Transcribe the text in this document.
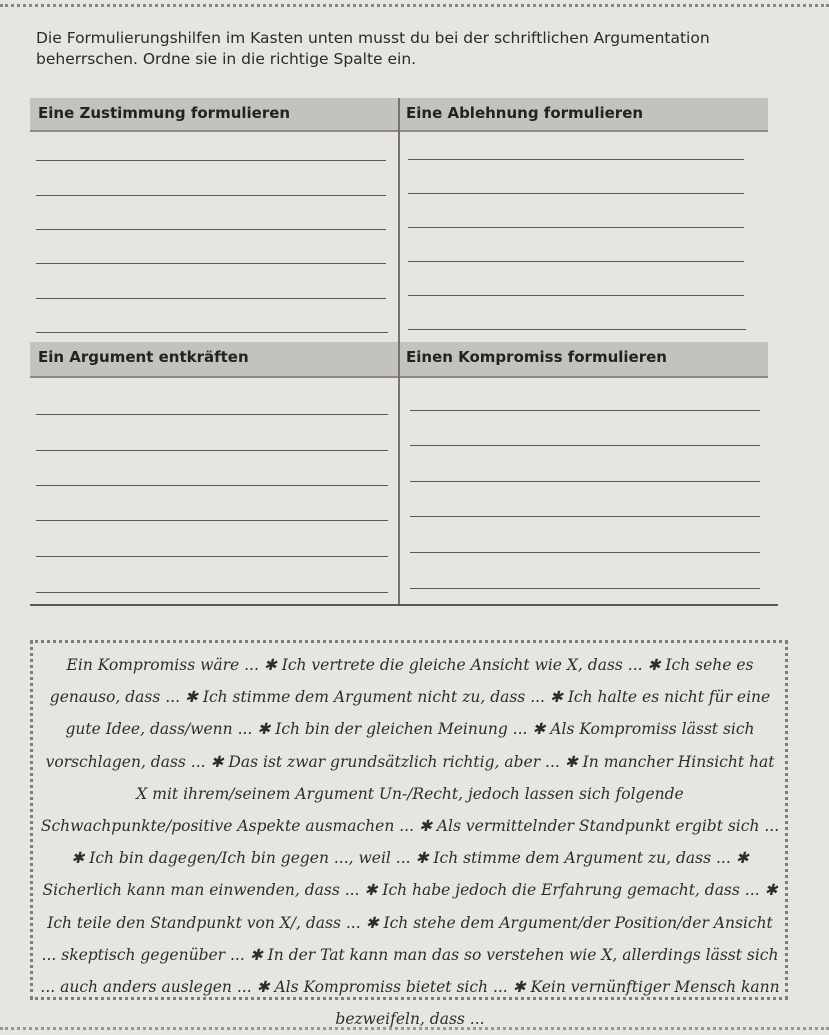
Die Formulierungshilfen im Kasten unten musst du bei der schriftlichen Argumentation beherrschen. Ordne sie in die richtige Spalte ein.
Eine Zustimmung formulieren	Eine Ablehnung formulieren
Ein Argument entkräften	Einen Kompromiss formulieren
Ein Kompromiss wäre ... ✱ Ich vertrete die gleiche Ansicht wie X, dass ... ✱ Ich sehe es genauso, dass ... ✱ Ich stimme dem Argument nicht zu, dass ... ✱ Ich halte es nicht für eine gute Idee, dass/wenn ... ✱ Ich bin der gleichen Meinung ... ✱ Als Kompromiss lässt sich vorschlagen, dass ... ✱ Das ist zwar grundsätzlich richtig, aber ... ✱ In mancher Hinsicht hat X mit ihrem/seinem Argument Un-/Recht, jedoch lassen sich folgende Schwachpunkte/positive Aspekte ausmachen ... ✱ Als vermittelnder Standpunkt ergibt sich ... ✱ Ich bin dagegen/Ich bin gegen ..., weil ... ✱ Ich stimme dem Argument zu, dass ... ✱ Sicherlich kann man einwenden, dass ... ✱ Ich habe jedoch die Erfahrung gemacht, dass ... ✱ Ich teile den Standpunkt von X/, dass ... ✱ Ich stehe dem Argument/der Position/der Ansicht ... skeptisch gegenüber ... ✱ In der Tat kann man das so verstehen wie X, allerdings lässt sich ... auch anders auslegen ... ✱ Als Kompromiss bietet sich ... ✱ Kein vernünftiger Mensch kann bezweifeln, dass ...
